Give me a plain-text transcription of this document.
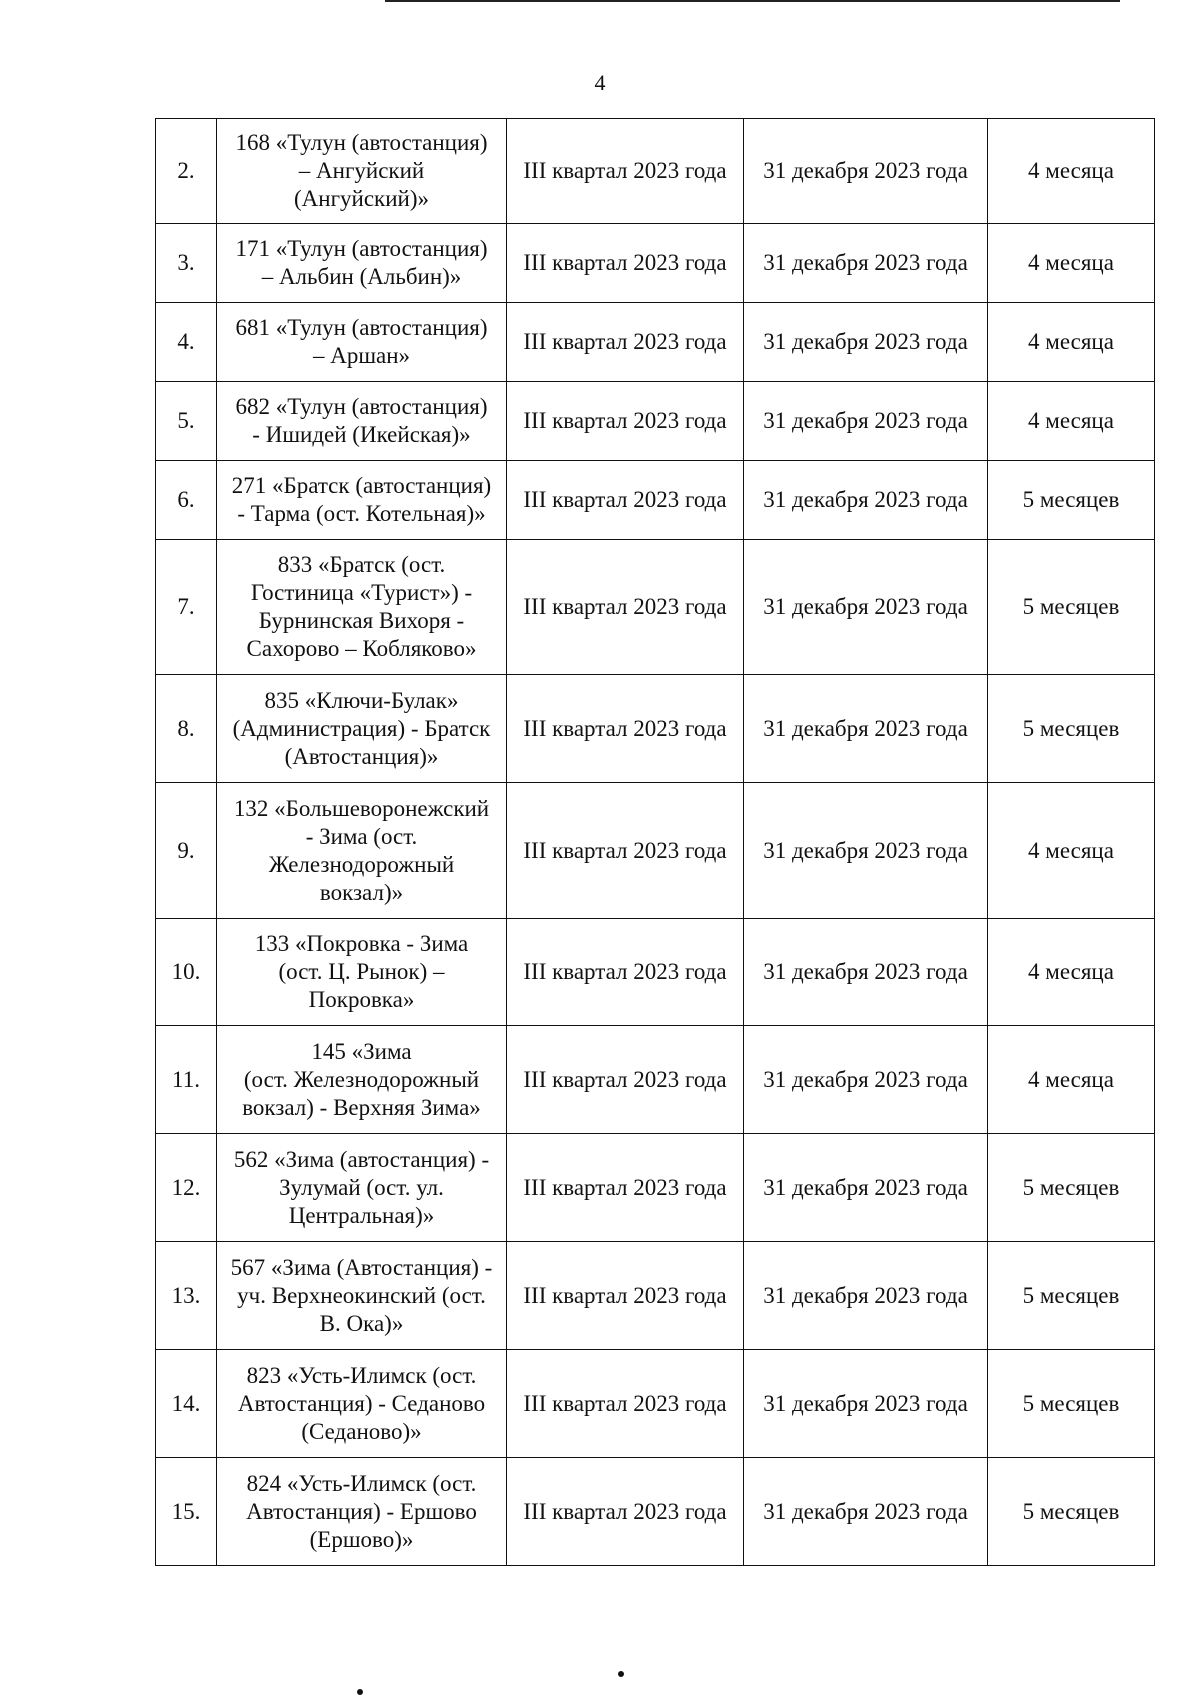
4
2.	168 «Тулун (автостанция)
– Ангуйский
(Ангуйский)»	III квартал 2023 года	31 декабря 2023 года	4 месяца
3.	171 «Тулун (автостанция)
– Альбин (Альбин)»	III квартал 2023 года	31 декабря 2023 года	4 месяца
4.	681 «Тулун (автостанция)
– Аршан»	III квартал 2023 года	31 декабря 2023 года	4 месяца
5.	682 «Тулун (автостанция)
- Ишидей (Икейская)»	III квартал 2023 года	31 декабря 2023 года	4 месяца
6.	271 «Братск (автостанция)
- Тарма (ост. Котельная)»	III квартал 2023 года	31 декабря 2023 года	5 месяцев
7.	833 «Братск (ост.
Гостиница «Турист») -
Бурнинская Вихоря -
Сахорово – Кобляково»	III квартал 2023 года	31 декабря 2023 года	5 месяцев
8.	835 «Ключи-Булак»
(Администрация) - Братск
(Автостанция)»	III квартал 2023 года	31 декабря 2023 года	5 месяцев
9.	132 «Большеворонежский
- Зима (ост.
Железнодорожный
вокзал)»	III квартал 2023 года	31 декабря 2023 года	4 месяца
10.	133 «Покровка - Зима
(ост. Ц. Рынок) –
Покровка»	III квартал 2023 года	31 декабря 2023 года	4 месяца
11.	145 «Зима
(ост. Железнодорожный
вокзал) - Верхняя Зима»	III квартал 2023 года	31 декабря 2023 года	4 месяца
12.	562 «Зима (автостанция) -
Зулумай (ост. ул.
Центральная)»	III квартал 2023 года	31 декабря 2023 года	5 месяцев
13.	567 «Зима (Автостанция) -
уч. Верхнеокинский (ост.
В. Ока)»	III квартал 2023 года	31 декабря 2023 года	5 месяцев
14.	823 «Усть-Илимск (ост.
Автостанция) - Седаново
(Седаново)»	III квартал 2023 года	31 декабря 2023 года	5 месяцев
15.	824 «Усть-Илимск (ост.
Автостанция) - Ершово
(Ершово)»	III квартал 2023 года	31 декабря 2023 года	5 месяцев
